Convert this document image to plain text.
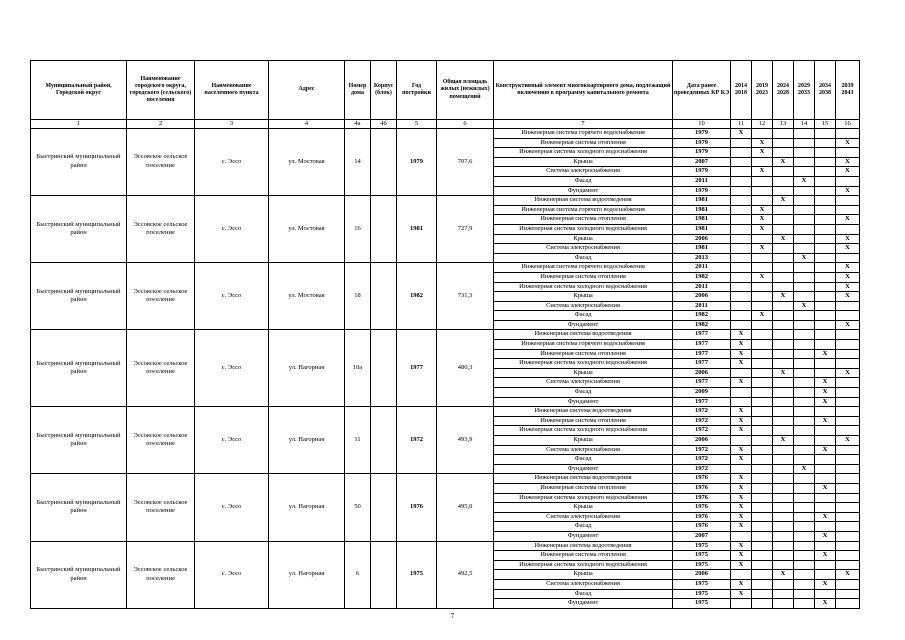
Муниципальный район, Городской округ	Наименование городского округа, городского (сельского) поселения	Наименование населенного пункта	Адрес	Номер дома	Корпус (блок)	Год постройки	Общая площадь жилых (нежилых) помещений	Конструктивный элемент многоквартирного дома, подлежащий включению в программу капитального ремонта	Дата ранее проведенных КР КЭ	2014 2018	2019 2023	2024 2028	2029 2033	2034 2038	2039 2043
1	2	3	4	4а	4б	5	6	7	10	11	12	13	14	15	16
Быстринский муниципальный район	Эссовское сельское поселение	с. Эссо	ул. Мостовая	14		1979	707,6	Инженерная система горячего водоснабжения	1979	X					
								Инженерная система отопления	1979		X				X
								Инженерная система холодного водоснабжения	1979		X				
								Крыша	2007			X			X
								Система электроснабжения	1979		X				X
								Фасад	2011				X		
								Фундамент	1979						X
Быстринский муниципальный район	Эссовское сельское поселение	с. Эссо	ул. Мостовая	16		1981	727,9	Инженерная система водоотведения	1981			X			
								Инженерная система горячего водоснабжения	1981		X				
								Инженерная система отопления	1981		X				X
								Инженерная система холодного водоснабжения	1981		X				
								Крыша	2006			X			X
								Система электроснабжения	1981		X				X
								Фасад	2013				X		
Быстринский муниципальный район	Эссовское сельское поселение	с. Эссо	ул. Мостовая	18		1982	731,3	Инженерная система горячего водоснабжения	2011						X
								Инженерная система отопления	1982		X				X
								Инженерная система холодного водоснабжения	2011						X
								Крыша	2006			X			X
								Система электроснабжения	2011				X		
								Фасад	1982		X				
								Фундамент	1982						X
Быстринский муниципальный район	Эссовское сельское поселение	с. Эссо	ул. Нагорная	10а		1977	480,3	Инженерная система водоотведения	1977	X					
								Инженерная система горячего водоснабжения	1977	X					
								Инженерная система отопления	1977	X				X	
								Инженерная система холодного водоснабжения	1977	X					
								Крыша	2006			X			X
								Система электроснабжения	1977	X				X	
								Фасад	2009					X	
								Фундамент	1977					X	
Быстринский муниципальный район	Эссовское сельское поселение	с. Эссо	ул. Нагорная	11		1972	493,9	Инженерная система водоотведения	1972	X					
								Инженерная система отопления	1972	X				X	
								Инженерная система холодного водоснабжения	1972	X					
								Крыша	2006			X			X
								Система электроснабжения	1972	X				X	
								Фасад	1972	X					
								Фундамент	1972				X		
Быстринский муниципальный район	Эссовское сельское поселение	с. Эссо	ул. Нагорная	50		1976	495,0	Инженерная система водоотведения	1976	X					
								Инженерная система отопления	1976	X				X	
								Инженерная система холодного водоснабжения	1976	X					
								Крыша	1976	X					
								Система электроснабжения	1976	X				X	
								Фасад	1976	X					
								Фундамент	2007					X	
Быстринский муниципальный район	Эссовское сельское поселение	с. Эссо	ул. Нагорная	6		1975	492,5	Инженерная система водоотведения	1975	X					
								Инженерная система отопления	1975	X				X	
								Инженерная система холодного водоснабжения	1975	X					
								Крыша	2006			X			X
								Система электроснабжения	1975	X				X	
								Фасад	1975	X					
								Фундамент	1975					X	
7
